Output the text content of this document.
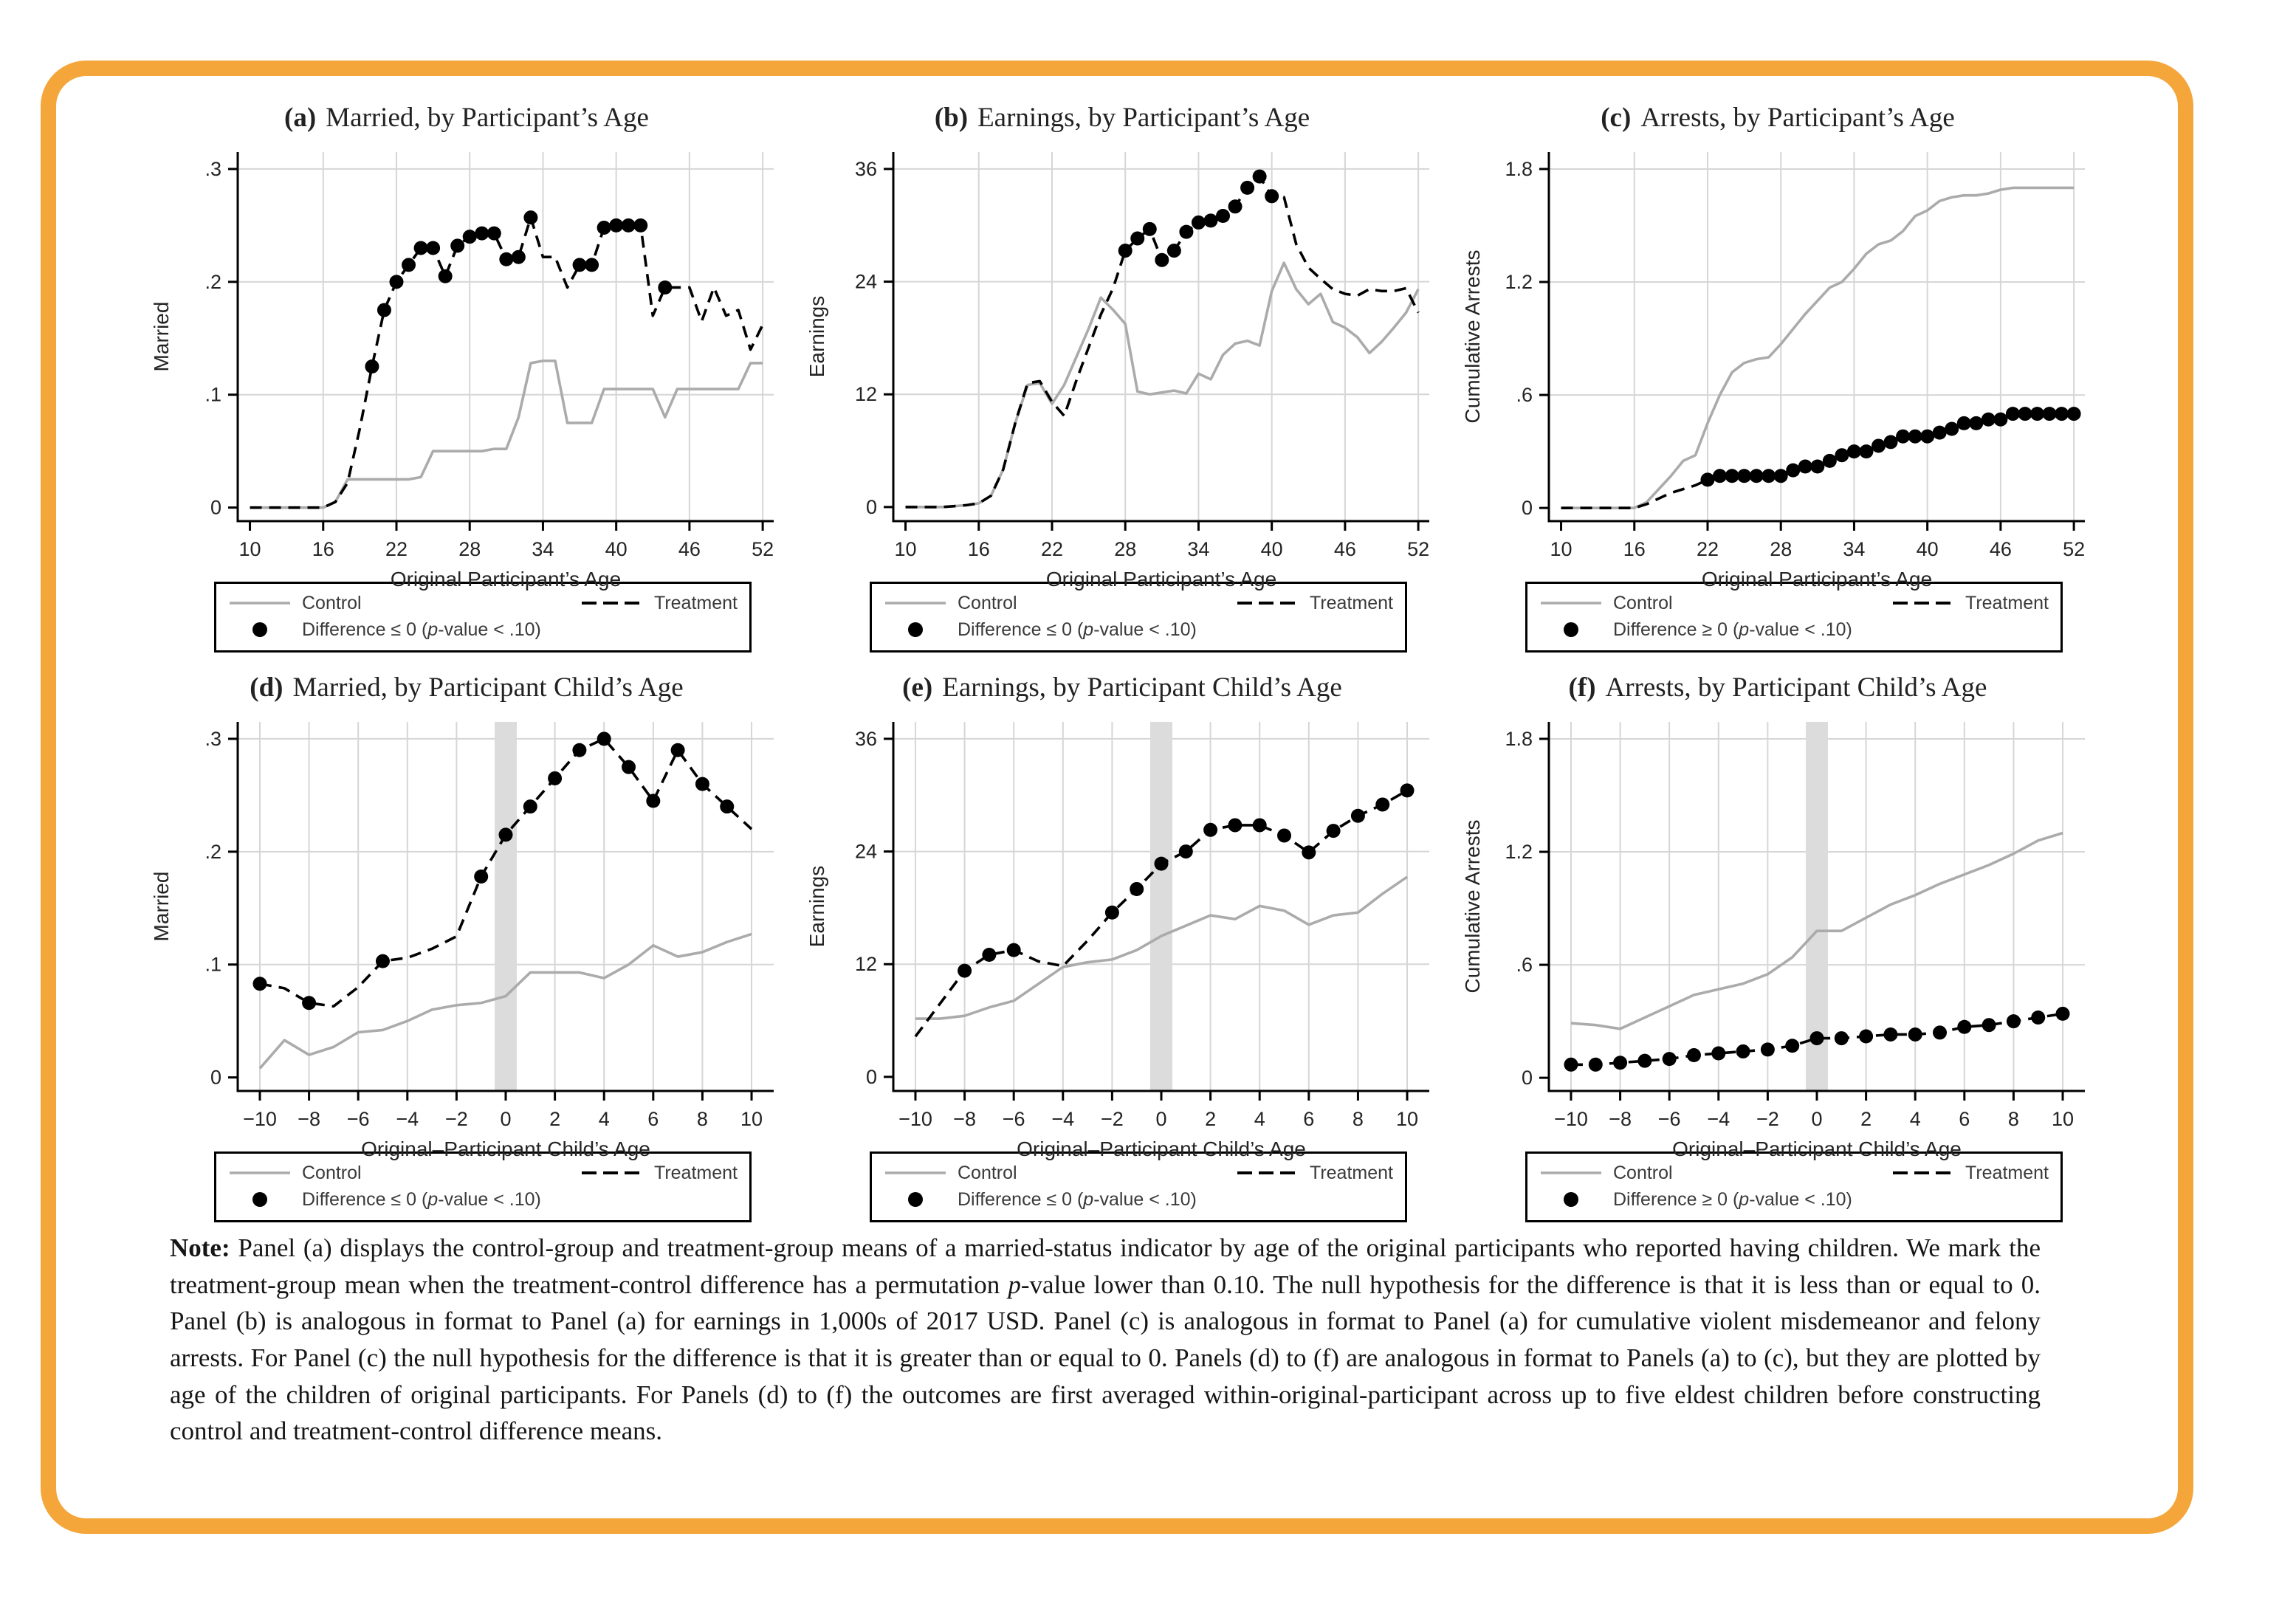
(a) Married, by Participant’s Age
10	16	22	28	34	40	46	52
0
.1
.2
.3
Original Participant’s Age
Married
Control	Treatment
Difference ≤ 0 (p-value < .10)
(b) Earnings, by Participant’s Age
10	16	22	28	34	40	46	52
0
12
24
36
Original Participant’s Age
Earnings
Control	Treatment
Difference ≤ 0 (p-value < .10)
(c) Arrests, by Participant’s Age
10	16	22	28	34	40	46	52
0
.6
1.2
1.8
Original Participant’s Age
Cumulative Arrests
Control	Treatment
Difference ≥ 0 (p-value < .10)
(d) Married, by Participant Child’s Age
−10 −8 −6 −4 −2 0 2 4 6 8 10
0
.1
.2
.3
Original–Participant Child’s Age
Married
Control	Treatment
Difference ≤ 0 (p-value < .10)
(e) Earnings, by Participant Child’s Age
−10 −8 −6 −4 −2 0 2 4 6 8 10
0
12
24
36
Original–Participant Child’s Age
Earnings
Control	Treatment
Difference ≤ 0 (p-value < .10)
(f) Arrests, by Participant Child’s Age
−10 −8 −6 −4 −2 0 2 4 6 8 10
0
.6
1.2
1.8
Original–Participant Child’s Age
Cumulative Arrests
Control	Treatment
Difference ≥ 0 (p-value < .10)

Note: Panel (a) displays the control-group and treatment-group means of a married-status indicator by age of the original participants who reported having children. We mark the treatment-group mean when the treatment-control difference has a permutation p-value lower than 0.10. The null hypothesis for the difference is that it is less than or equal to 0. Panel (b) is analogous in format to Panel (a) for earnings in 1,000s of 2017 USD. Panel (c) is analogous in format to Panel (a) for cumulative violent misdemeanor and felony arrests. For Panel (c) the null hypothesis for the difference is that it is greater than or equal to 0. Panels (d) to (f) are analogous in format to Panels (a) to (c), but they are plotted by age of the children of original participants. For Panels (d) to (f) the outcomes are first averaged within-original-participant across up to five eldest children before constructing control and treatment-control difference means.
